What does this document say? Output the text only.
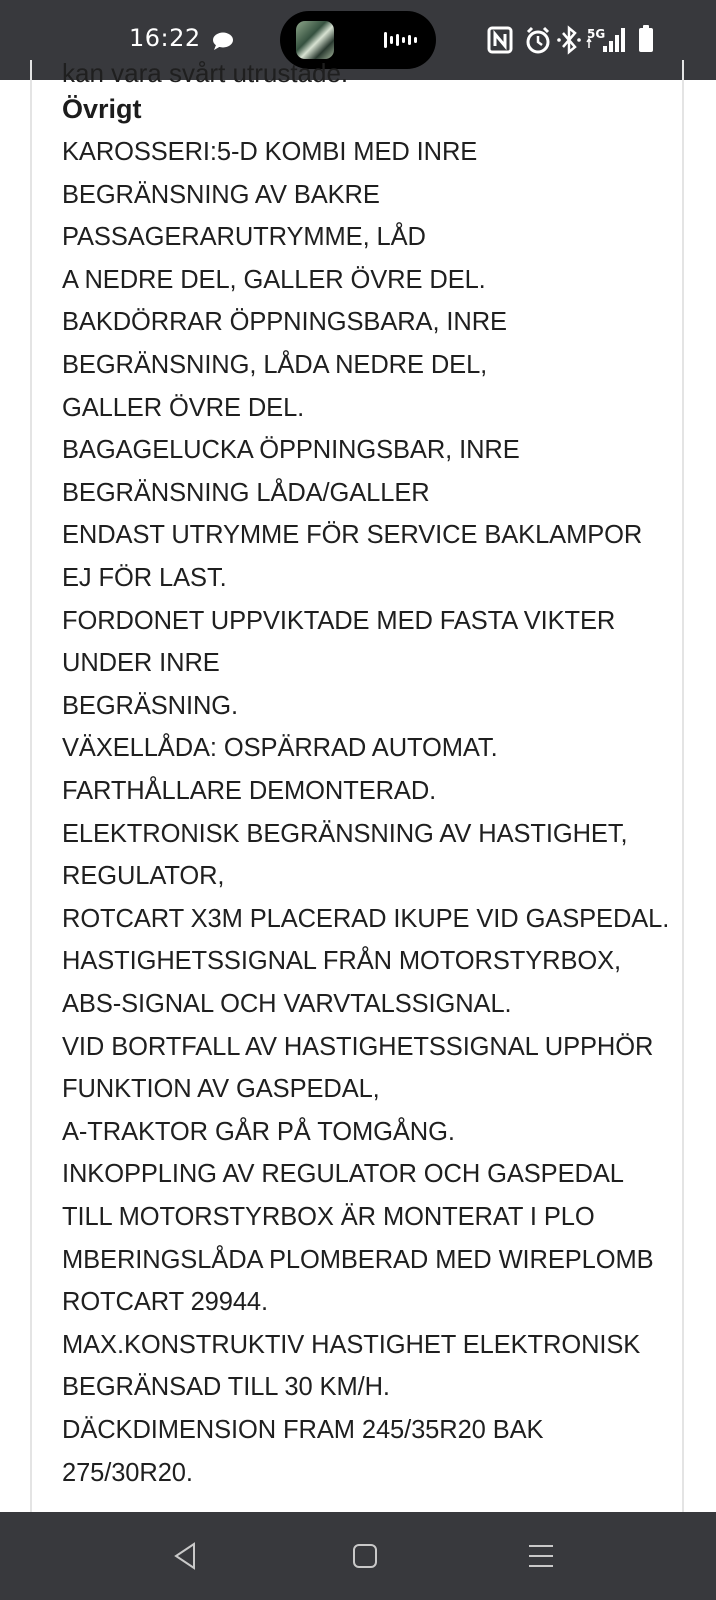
16:22	5G
kan vara svårt utrustade.
Övrigt
KAROSSERI:5-D KOMBI MED INRE
BEGRÄNSNING AV BAKRE
PASSAGERARUTRYMME, LÅD
A NEDRE DEL, GALLER ÖVRE DEL.
BAKDÖRRAR ÖPPNINGSBARA, INRE
BEGRÄNSNING, LÅDA NEDRE DEL,
GALLER ÖVRE DEL.
BAGAGELUCKA ÖPPNINGSBAR, INRE
BEGRÄNSNING LÅDA/GALLER
ENDAST UTRYMME FÖR SERVICE BAKLAMPOR
EJ FÖR LAST.
FORDONET UPPVIKTADE MED FASTA VIKTER
UNDER INRE
BEGRÄSNING.
VÄXELLÅDA: OSPÄRRAD AUTOMAT.
FARTHÅLLARE DEMONTERAD.
ELEKTRONISK BEGRÄNSNING AV HASTIGHET,
REGULATOR,
ROTCART X3M PLACERAD IKUPE VID GASPEDAL.
HASTIGHETSSIGNAL FRÅN MOTORSTYRBOX,
ABS-SIGNAL OCH VARVTALSSIGNAL.
VID BORTFALL AV HASTIGHETSSIGNAL UPPHÖR
FUNKTION AV GASPEDAL,
A-TRAKTOR GÅR PÅ TOMGÅNG.
INKOPPLING AV REGULATOR OCH GASPEDAL
TILL MOTORSTYRBOX ÄR MONTERAT I PLO
MBERINGSLÅDA PLOMBERAD MED WIREPLOMB
ROTCART 29944.
MAX.KONSTRUKTIV HASTIGHET ELEKTRONISK
BEGRÄNSAD TILL 30 KM/H.
DÄCKDIMENSION FRAM 245/35R20 BAK
275/30R20.
